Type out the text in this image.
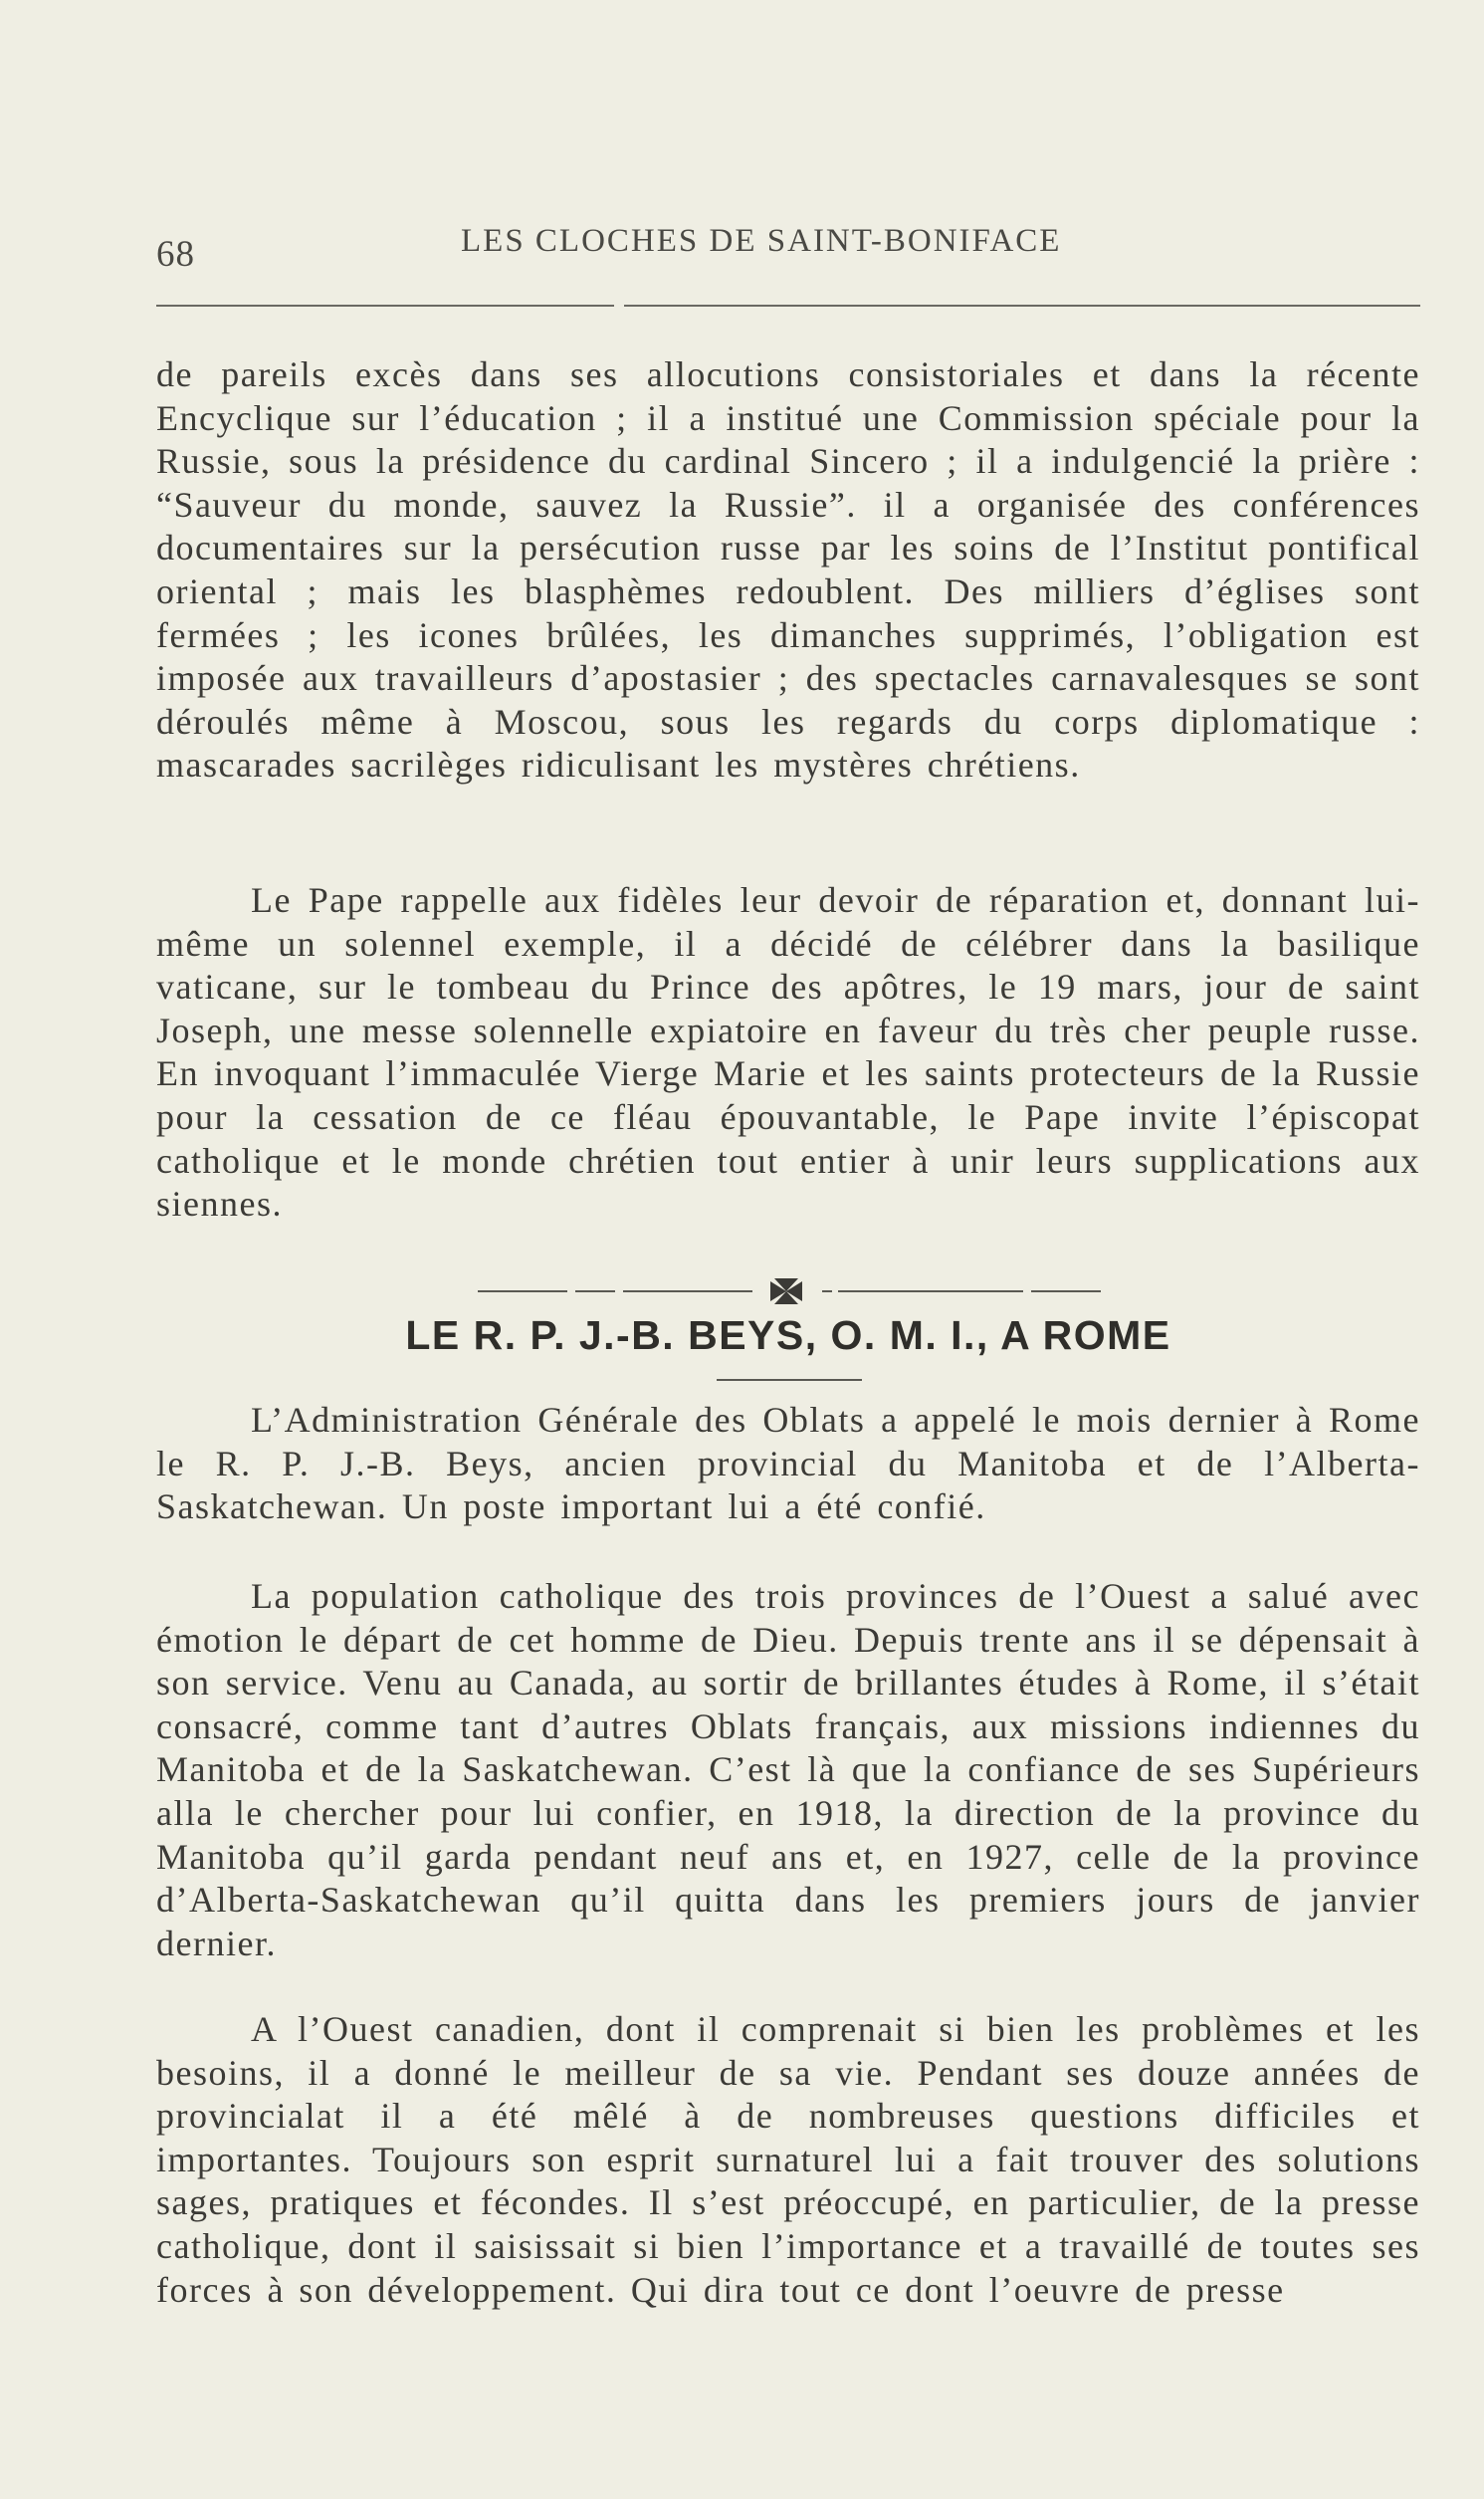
68	LES CLOCHES DE SAINT-BONIFACE

de pareils excès dans ses allocutions consistoriales et dans la récente Encyclique sur l’éducation ; il a institué une Commission spéciale pour la Russie, sous la présidence du cardinal Sincero ; il a indulgencié la prière : “Sauveur du monde, sauvez la Russie”. il a organisée des conférences documentaires sur la persécution russe par les soins de l’Institut pontifical oriental ; mais les blasphèmes redoublent. Des milliers d’églises sont fermées ; les icones brûlées, les dimanches supprimés, l’obligation est imposée aux travailleurs d’apostasier ; des spectacles carnavalesques se sont déroulés même à Moscou, sous les regards du corps diplomatique : mascarades sacrilèges ridiculisant les mystères chrétiens.

Le Pape rappelle aux fidèles leur devoir de réparation et, donnant lui-même un solennel exemple, il a décidé de célébrer dans la basilique vaticane, sur le tombeau du Prince des apôtres, le 19 mars, jour de saint Joseph, une messe solennelle expiatoire en faveur du très cher peuple russe. En invoquant l’immaculée Vierge Marie et les saints protecteurs de la Russie pour la cessation de ce fléau épouvantable, le Pape invite l’épiscopat catholique et le monde chrétien tout entier à unir leurs supplications aux siennes.

LE R. P. J.-B. BEYS, O. M. I., A ROME

L’Administration Générale des Oblats a appelé le mois dernier à Rome le R. P. J.-B. Beys, ancien provincial du Manitoba et de l’Alberta-Saskatchewan. Un poste important lui a été confié.

La population catholique des trois provinces de l’Ouest a salué avec émotion le départ de cet homme de Dieu. Depuis trente ans il se dépensait à son service. Venu au Canada, au sortir de brillantes études à Rome, il s’était consacré, comme tant d’autres Oblats français, aux missions indiennes du Manitoba et de la Saskatchewan. C’est là que la confiance de ses Supérieurs alla le chercher pour lui confier, en 1918, la direction de la province du Manitoba qu’il garda pendant neuf ans et, en 1927, celle de la province d’Alberta-Saskatchewan qu’il quitta dans les premiers jours de janvier dernier.

A l’Ouest canadien, dont il comprenait si bien les problèmes et les besoins, il a donné le meilleur de sa vie. Pendant ses douze années de provincialat il a été mêlé à de nombreuses questions difficiles et importantes. Toujours son esprit surnaturel lui a fait trouver des solutions sages, pratiques et fécondes. Il s’est préoccupé, en particulier, de la presse catholique, dont il saisissait si bien l’importance et a travaillé de toutes ses forces à son développement. Qui dira tout ce dont l’oeuvre de presse
